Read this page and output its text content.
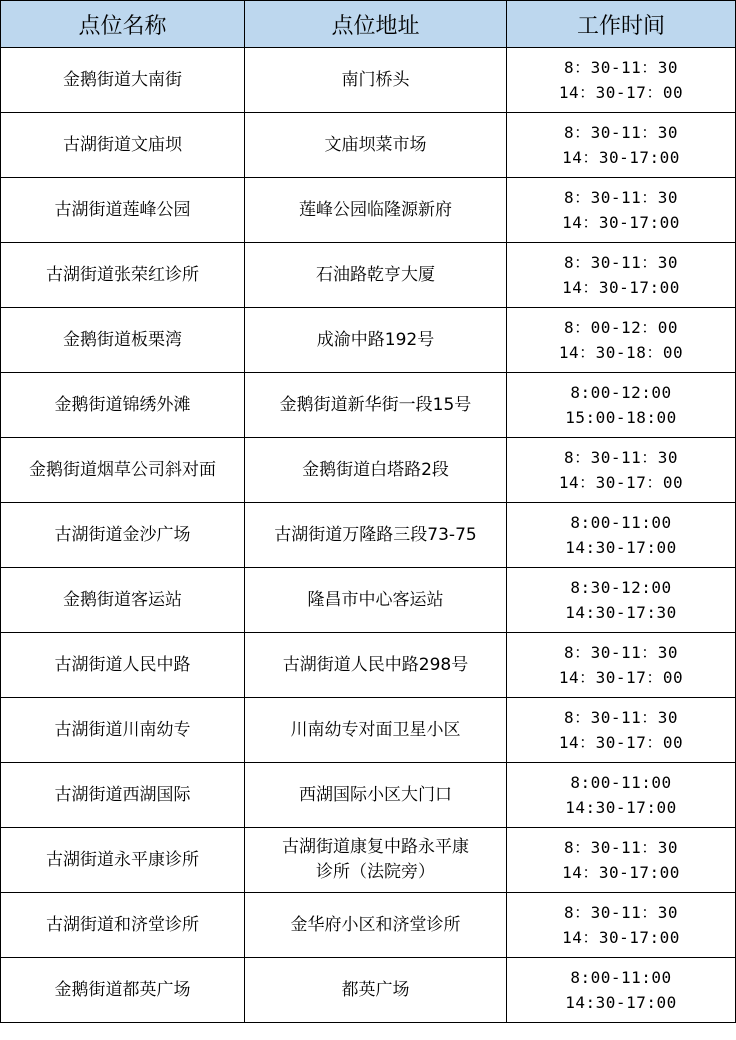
点位名称	点位地址	工作时间
金鹅街道大南街	南门桥头	8：30-11：30
14：30-17：00

古湖街道文庙坝	文庙坝菜市场	8：30-11：30
14：30-17:00

古湖街道莲峰公园	莲峰公园临隆源新府	8：30-11：30
14：30-17:00

古湖街道张荣红诊所	石油路乾亨大厦	8：30-11：30
14：30-17:00

金鹅街道板栗湾	成渝中路192号	8：00-12：00
14：30-18：00

金鹅街道锦绣外滩	金鹅街道新华街一段15号	8:00-12:00
15:00-18:00

金鹅街道烟草公司斜对面	金鹅街道白塔路2段	8：30-11：30
14：30-17：00

古湖街道金沙广场	古湖街道万隆路三段73-75	8:00-11:00
14:30-17:00

金鹅街道客运站	隆昌市中心客运站	8:30-12:00
14:30-17:30

古湖街道人民中路	古湖街道人民中路298号	8：30-11：30
14：30-17：00

古湖街道川南幼专	川南幼专对面卫星小区	8：30-11：30
14：30-17：00

古湖街道西湖国际	西湖国际小区大门口	8:00-11:00
14:30-17:00

古湖街道永平康诊所	古湖街道康复中路永平康
诊所（法院旁）	8：30-11：30
14：30-17:00

古湖街道和济堂诊所	金华府小区和济堂诊所	8：30-11：30
14：30-17:00

金鹅街道都英广场	都英广场	8:00-11:00
14:30-17:00
